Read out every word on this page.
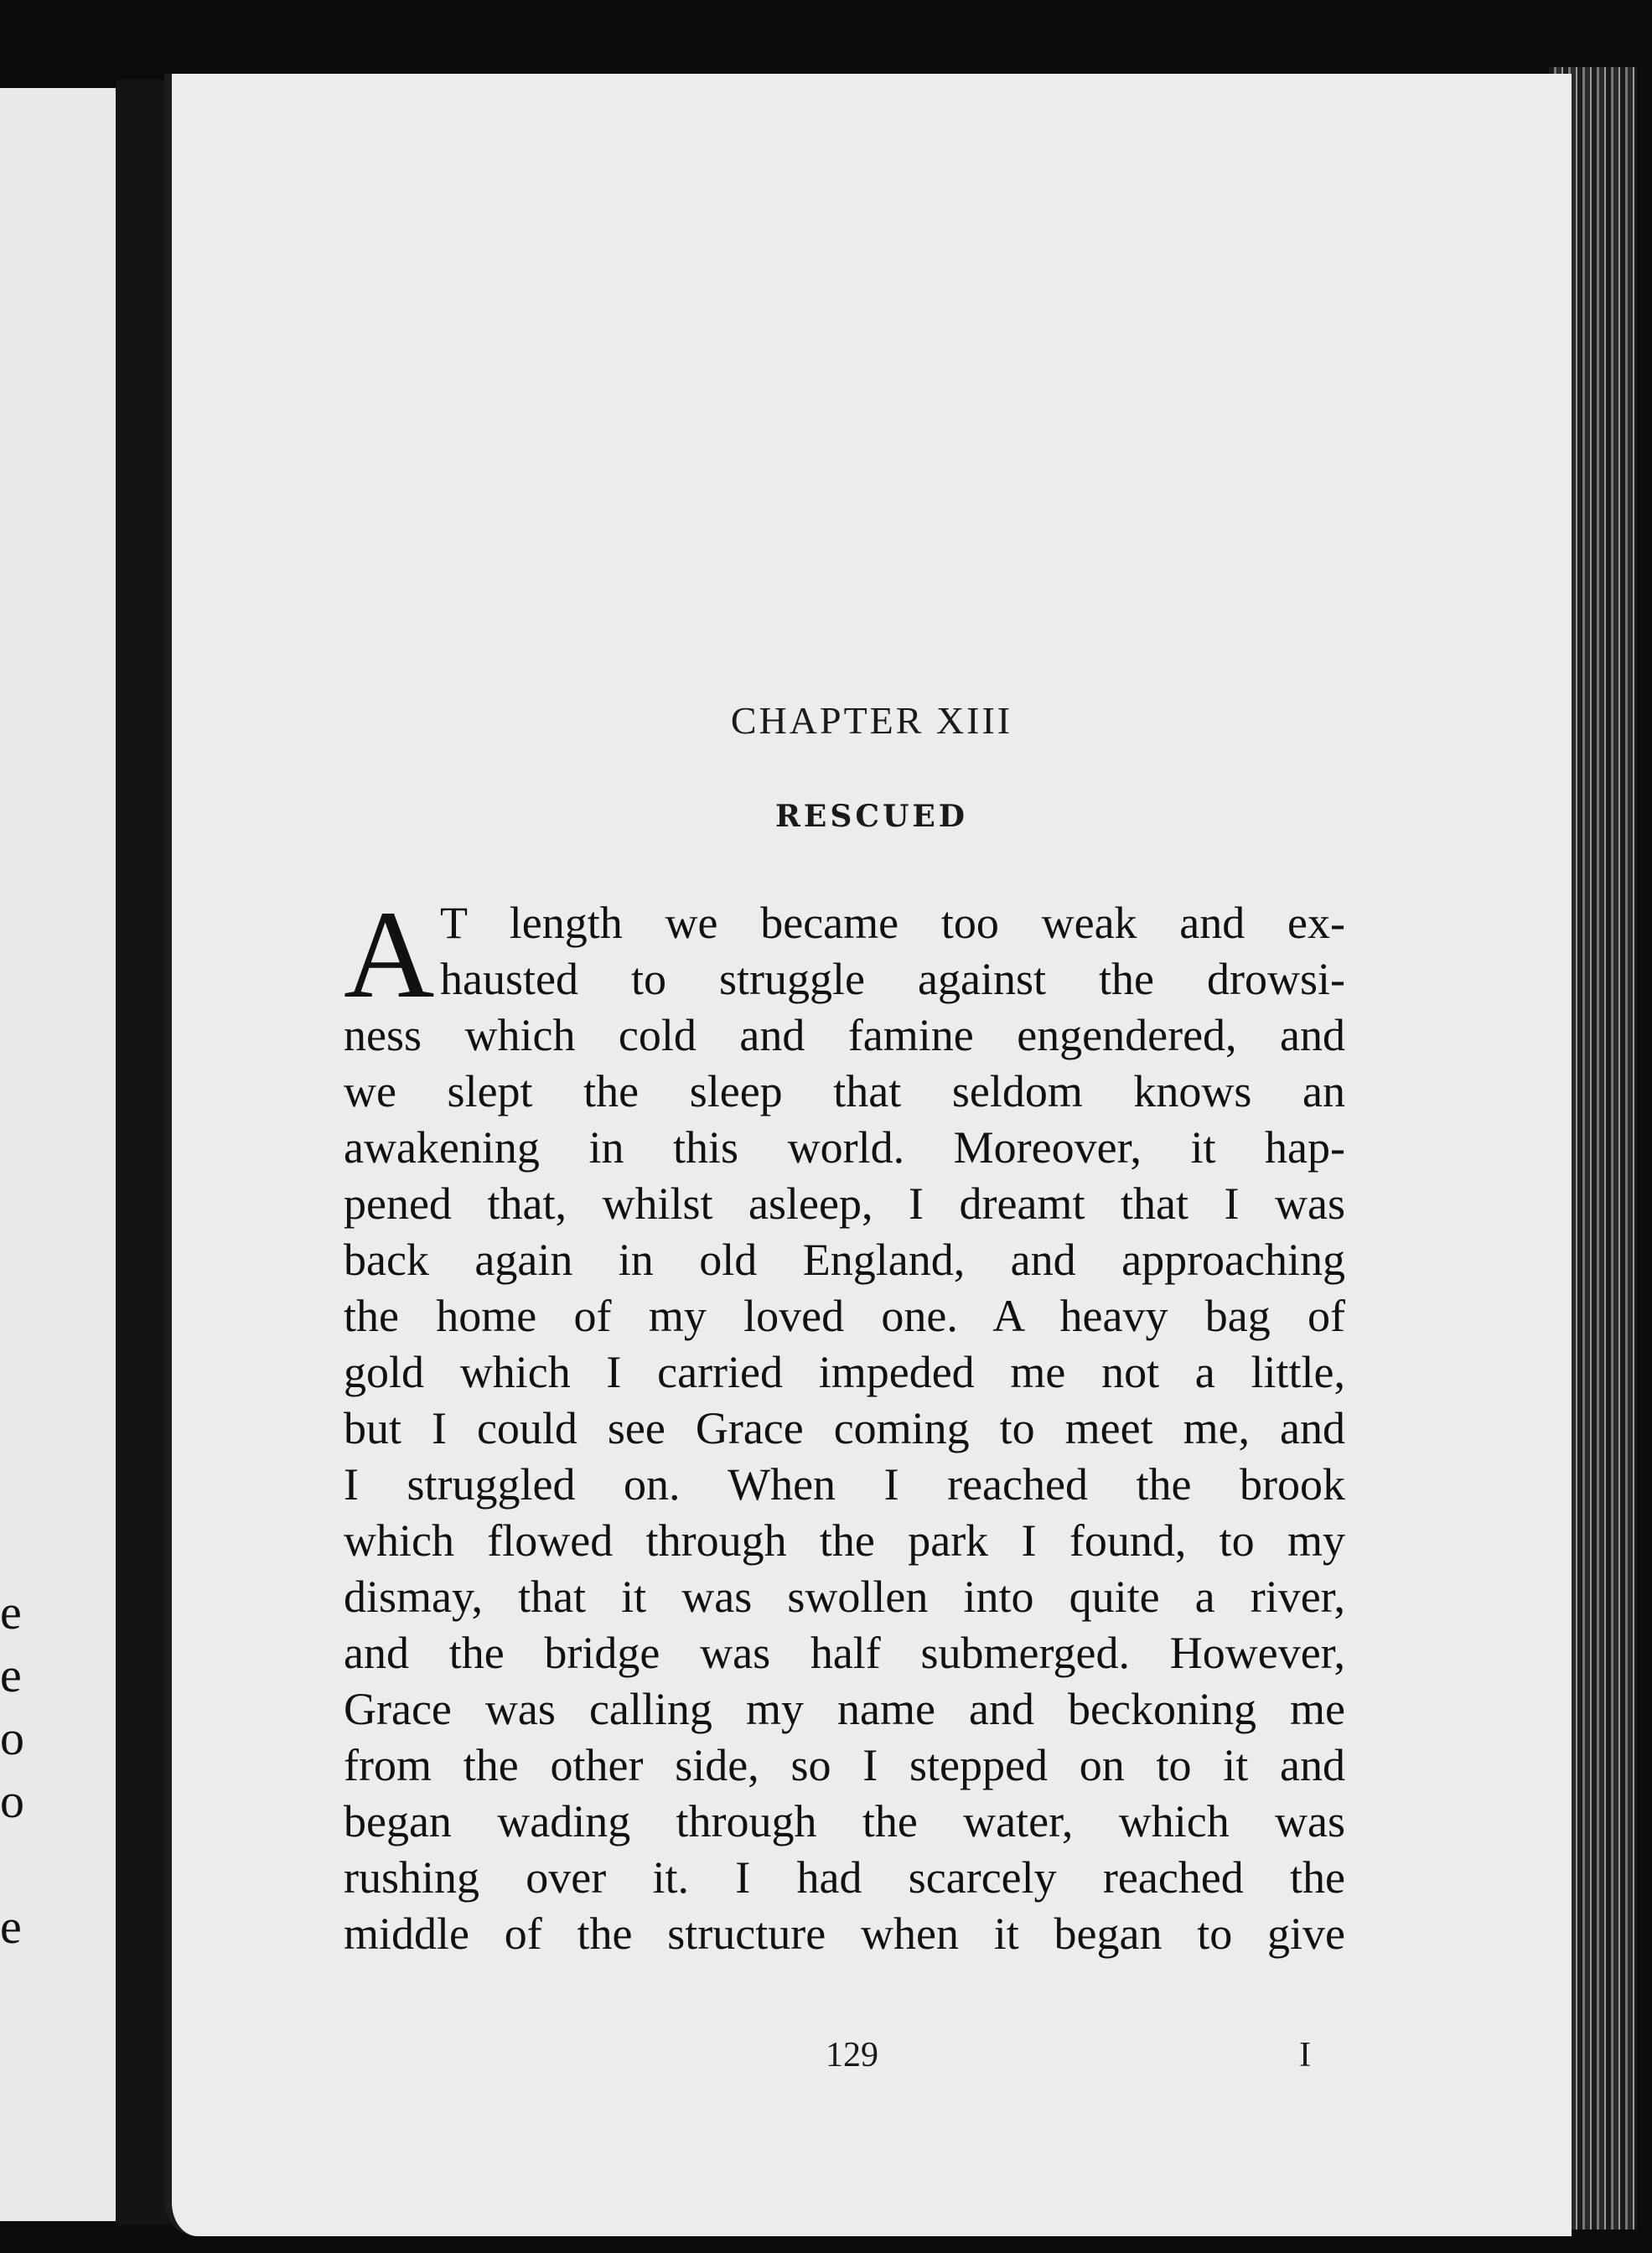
e
e
o
o
e
CHAPTER XIII
RESCUED
A T length we became too weak and ex-
hausted to struggle against the drowsi-
ness which cold and famine engendered, and
we slept the sleep that seldom knows an
awakening in this world. Moreover, it hap-
pened that, whilst asleep, I dreamt that I was
back again in old England, and approaching
the home of my loved one. A heavy bag of
gold which I carried impeded me not a little,
but I could see Grace coming to meet me, and
I struggled on. When I reached the brook
which flowed through the park I found, to my
dismay, that it was swollen into quite a river,
and the bridge was half submerged. However,
Grace was calling my name and beckoning me
from the other side, so I stepped on to it and
began wading through the water, which was
rushing over it. I had scarcely reached the
middle of the structure when it began to give
129	I
